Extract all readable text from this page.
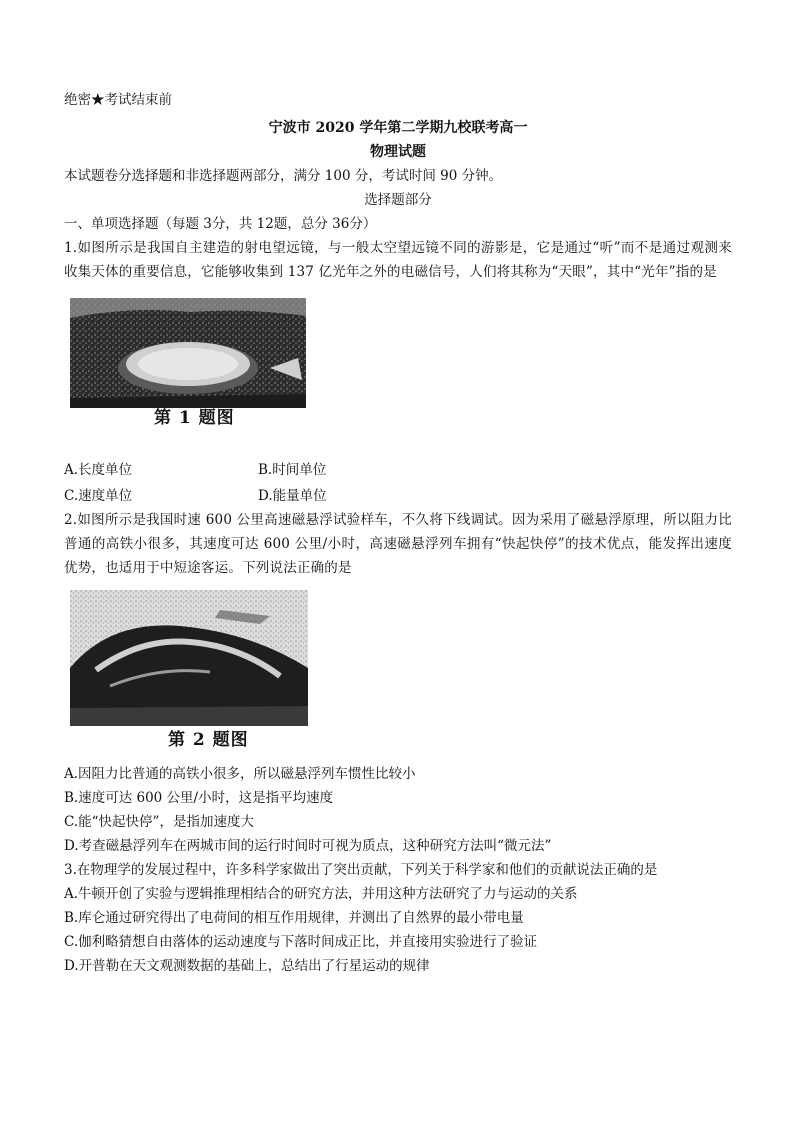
绝密★考试结束前
宁波市 2020 学年第二学期九校联考高一
物理试题
本试题卷分选择题和非选择题两部分，满分 100 分，考试时间 90 分钟。
选择题部分
一、单项选择题（每题 3分，共 12题，总分 36分）
1.如图所示是我国自主建造的射电望远镜，与一般太空望远镜不同的游影是，它是通过“听”而不是通过观测来收集天体的重要信息，它能够收集到 137 亿光年之外的电磁信号，人们将其称为“天眼”，其中“光年”指的是
第 1 题图
A.长度单位	B.时间单位
C.速度单位	D.能量单位
2.如图所示是我国时速 600 公里高速磁悬浮试验样车，不久将下线调试。因为采用了磁悬浮原理，所以阻力比普通的高铁小很多，其速度可达 600 公里/小时，高速磁悬浮列车拥有“快起快停”的技术优点，能发挥出速度优势，也适用于中短途客运。下列说法正确的是
第 2 题图
A.因阻力比普通的高铁小很多，所以磁悬浮列车惯性比较小
B.速度可达 600 公里/小时，这是指平均速度
C.能“快起快停”，是指加速度大
D.考查磁悬浮列车在两城市间的运行时间时可视为质点，这种研究方法叫“微元法”
3.在物理学的发展过程中，许多科学家做出了突出贡献，下列关于科学家和他们的贡献说法正确的是
A.牛顿开创了实验与逻辑推理相结合的研究方法，并用这种方法研究了力与运动的关系
B.库仑通过研究得出了电荷间的相互作用规律，并测出了自然界的最小带电量
C.伽利略猜想自由落体的运动速度与下落时间成正比，并直接用实验进行了验证
D.开普勒在天文观测数据的基础上，总结出了行星运动的规律
